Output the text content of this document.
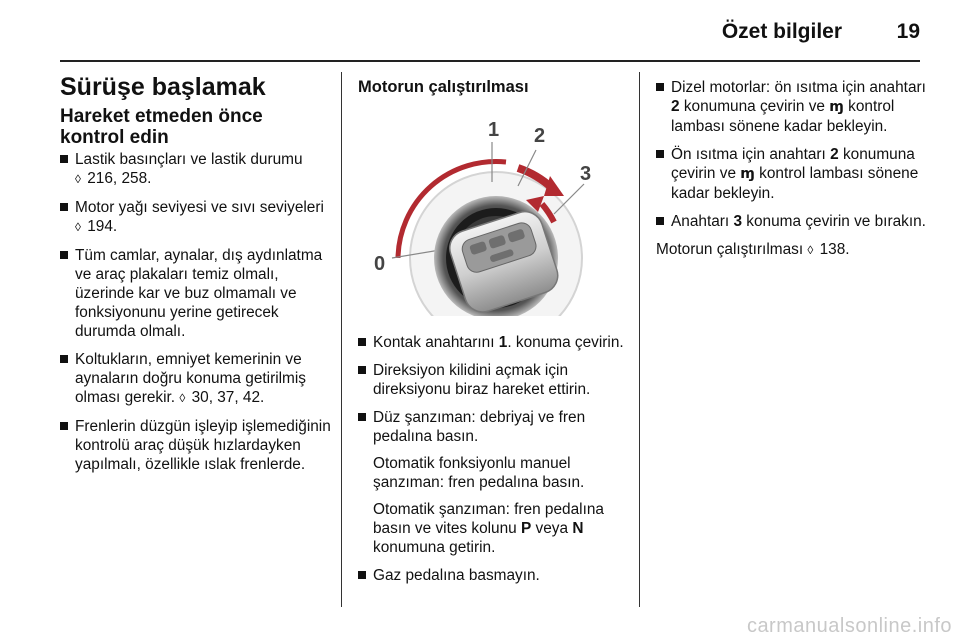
Özet bilgiler	19
Sürüşe başlamak
Hareket etmeden önce kontrol edin
Lastik basınçları ve lastik durumu
◊ 216, 258.
Motor yağı seviyesi ve sıvı seviyeleri ◊ 194.
Tüm camlar, aynalar, dış aydınlatma ve araç plakaları temiz olmalı, üzerinde kar ve buz olmamalı ve fonksiyonunu yerine getirecek durumda olmalı.
Koltukların, emniyet kemerinin ve aynaların doğru konuma getirilmiş olması gerekir. ◊ 30, 37, 42.
Frenlerin düzgün işleyip işlemediğinin kontrolü araç düşük hızlardayken yapılmalı, özellikle ıslak frenlerde.
Motorun çalıştırılması
1 2
3
0
Kontak anahtarını 1. konuma çevirin.
Direksiyon kilidini açmak için direksiyonu biraz hareket ettirin.
Düz şanzıman: debriyaj ve fren pedalına basın.
Otomatik fonksiyonlu manuel şanzıman: fren pedalına basın.
Otomatik şanzıman: fren pedalına basın ve vites kolunu P veya N konumuna getirin.
Gaz pedalına basmayın.
Dizel motorlar: ön ısıtma için anahtarı 2 konumuna çevirin ve ɱ kontrol lambası sönene kadar bekleyin.
Ön ısıtma için anahtarı 2 konumuna çevirin ve ɱ kontrol lambası sönene kadar bekleyin.
Anahtarı 3 konuma çevirin ve bırakın.
Motorun çalıştırılması ◊ 138.
carmanualsonline.info
